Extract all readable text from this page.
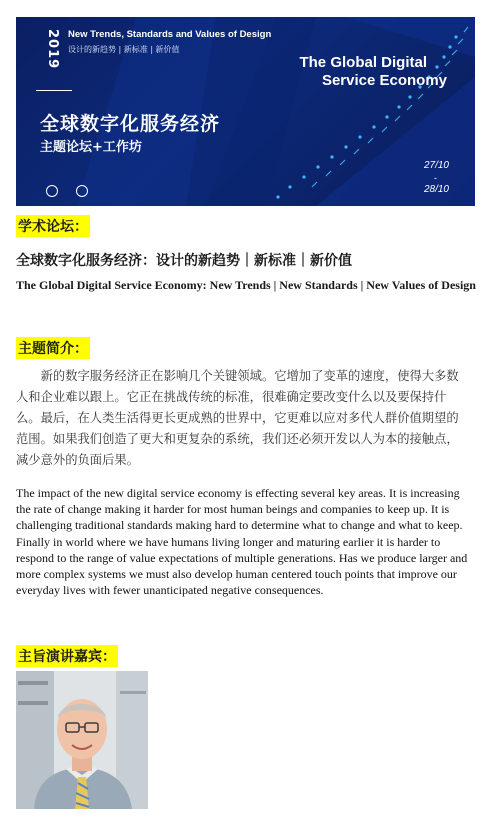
2019 New Trends, Standards and Values of Design
设计的新趋势 | 新标准 | 新价值
全球数字化服务经济
主题论坛+工作坊
The Global Digital
Service Economy
27/10
-
28/10
学术论坛：
全球数字化服务经济：设计的新趋势｜新标准｜新价值
The Global Digital Service Economy: New Trends | New Standards | New Values of Design
主题简介：
新的数字服务经济正在影响几个关键领域。它增加了变革的速度，使得大多数人和企业难以跟上。它正在挑战传统的标准，很难确定要改变什么以及要保持什么。最后，在人类生活得更长更成熟的世界中，它更难以应对多代人群价值期望的范围。如果我们创造了更大和更复杂的系统，我们还必须开发以人为本的接触点，减少意外的负面后果。
The impact of the new digital service economy is effecting several key areas. It is increasing the rate of change making it harder for most human beings and companies to keep up. It is challenging traditional standards making hard to determine what to change and what to keep. Finally in world where we have humans living longer and maturing earlier it is harder to respond to the range of value expectations of multiple generations. Has we produce larger and more complex systems we must also develop human centered touch points that improve our everyday lives with fewer unanticipated negative consequences.
主旨演讲嘉宾：
